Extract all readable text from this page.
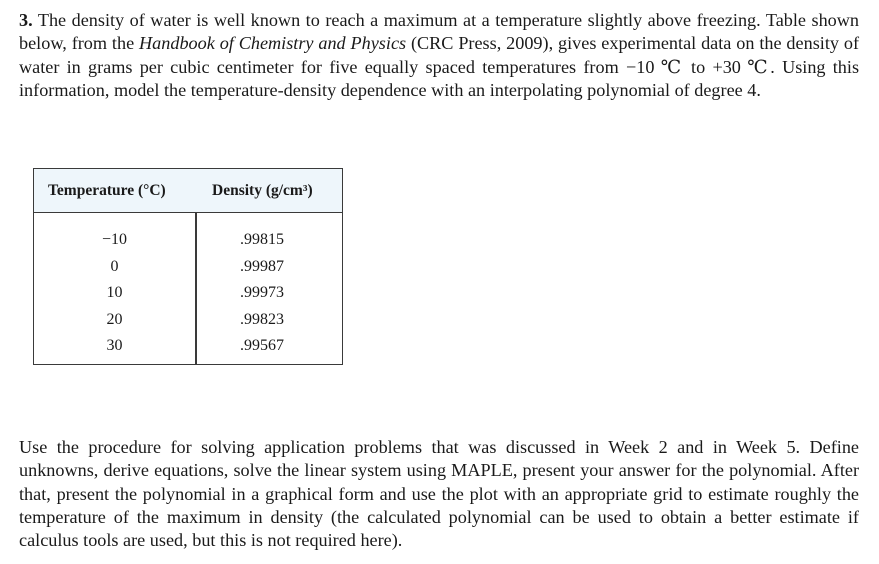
3. The density of water is well known to reach a maximum at a temperature slightly above freezing. Table shown below, from the Handbook of Chemistry and Physics (CRC Press, 2009), gives experimental data on the density of water in grams per cubic centimeter for five equally spaced temperatures from −10 ℃ to +30 ℃. Using this information, model the temperature-density dependence with an interpolating polynomial of degree 4.

Temperature (°C)	Density (g/cm³)
−10
0
10
20
30
.99815
.99987
.99973
.99823
.99567

Use the procedure for solving application problems that was discussed in Week 2 and in Week 5. Define unknowns, derive equations, solve the linear system using MAPLE, present your answer for the polynomial. After that, present the polynomial in a graphical form and use the plot with an appropriate grid to estimate roughly the temperature of the maximum in density (the calculated polynomial can be used to obtain a better estimate if calculus tools are used, but this is not required here).
